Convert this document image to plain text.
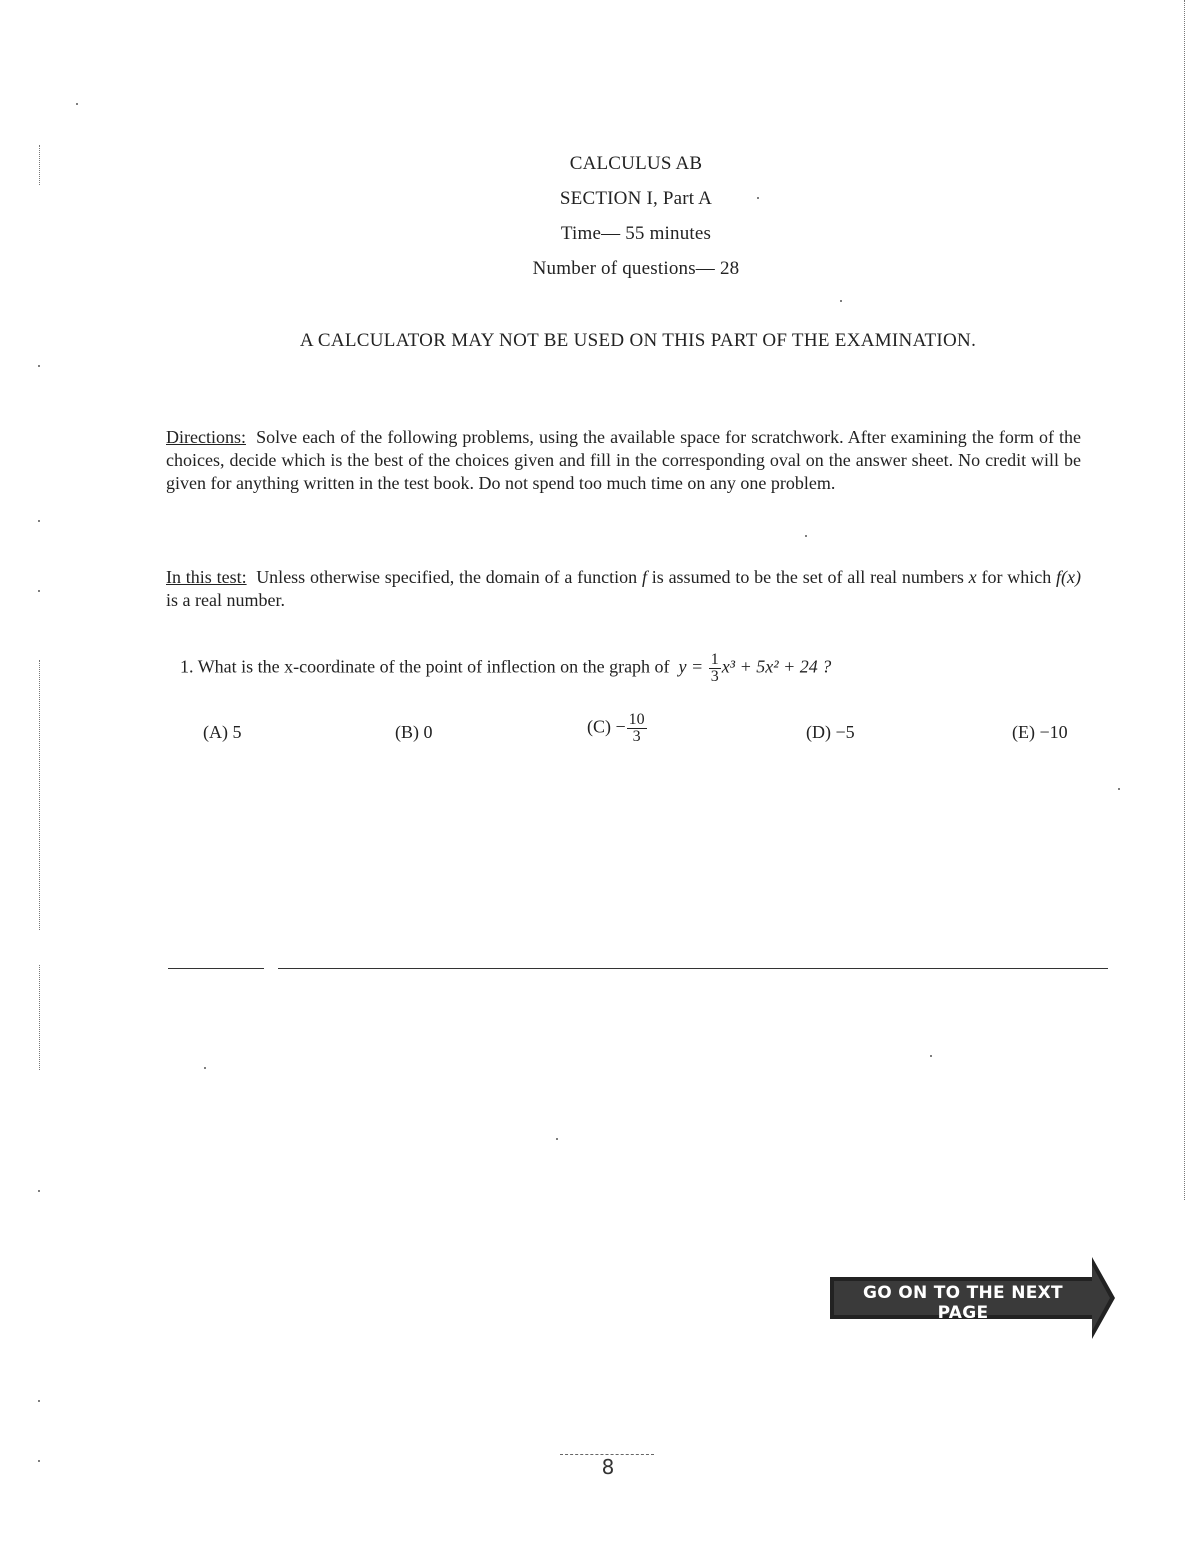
CALCULUS AB
SECTION I, Part A
Time— 55 minutes
Number of questions— 28
A CALCULATOR MAY NOT BE USED ON THIS PART OF THE EXAMINATION.
Directions: Solve each of the following problems, using the available space for scratchwork. After examining the form of the choices, decide which is the best of the choices given and fill in the corresponding oval on the answer sheet. No credit will be given for anything written in the test book. Do not spend too much time on any one problem.
In this test: Unless otherwise specified, the domain of a function f is assumed to be the set of all real numbers x for which f(x) is a real number.
1. What is the x-coordinate of the point of inflection on the graph of $y = \frac{1}{3} x^3 + 5x^2 + 24$ ?
(A) 5	(B) 0	$(C) - \frac{10}{3}$	(D) −5	(E) −10
GO ON TO THE NEXT PAGE
8
